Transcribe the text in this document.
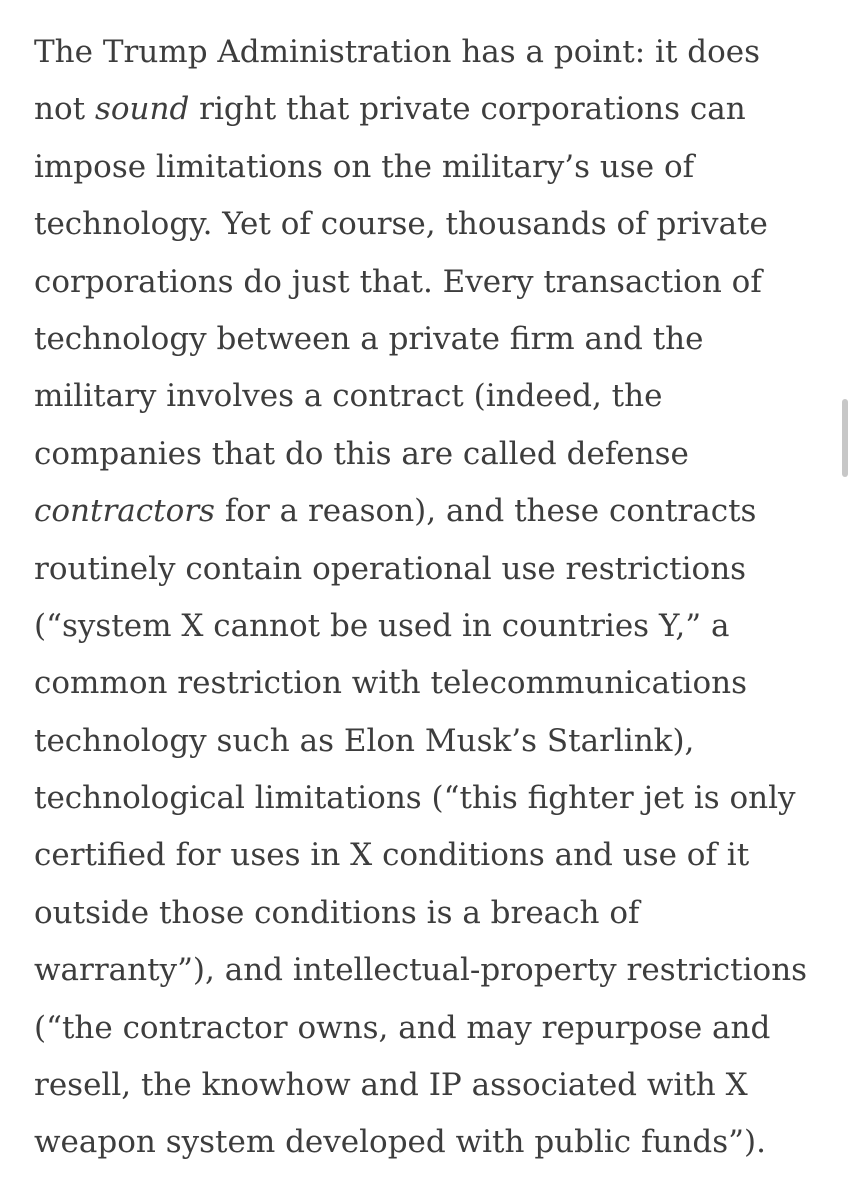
The Trump Administration has a point: it does
not sound right that private corporations can
impose limitations on the military’s use of
technology. Yet of course, thousands of private
corporations do just that. Every transaction of
technology between a private firm and the
military involves a contract (indeed, the
companies that do this are called defense
contractors for a reason), and these contracts
routinely contain operational use restrictions
(“system X cannot be used in countries Y,” a
common restriction with telecommunications
technology such as Elon Musk’s Starlink),
technological limitations (“this fighter jet is only
certified for uses in X conditions and use of it
outside those conditions is a breach of
warranty”), and intellectual-property restrictions
(“the contractor owns, and may repurpose and
resell, the knowhow and IP associated with X
weapon system developed with public funds”).
